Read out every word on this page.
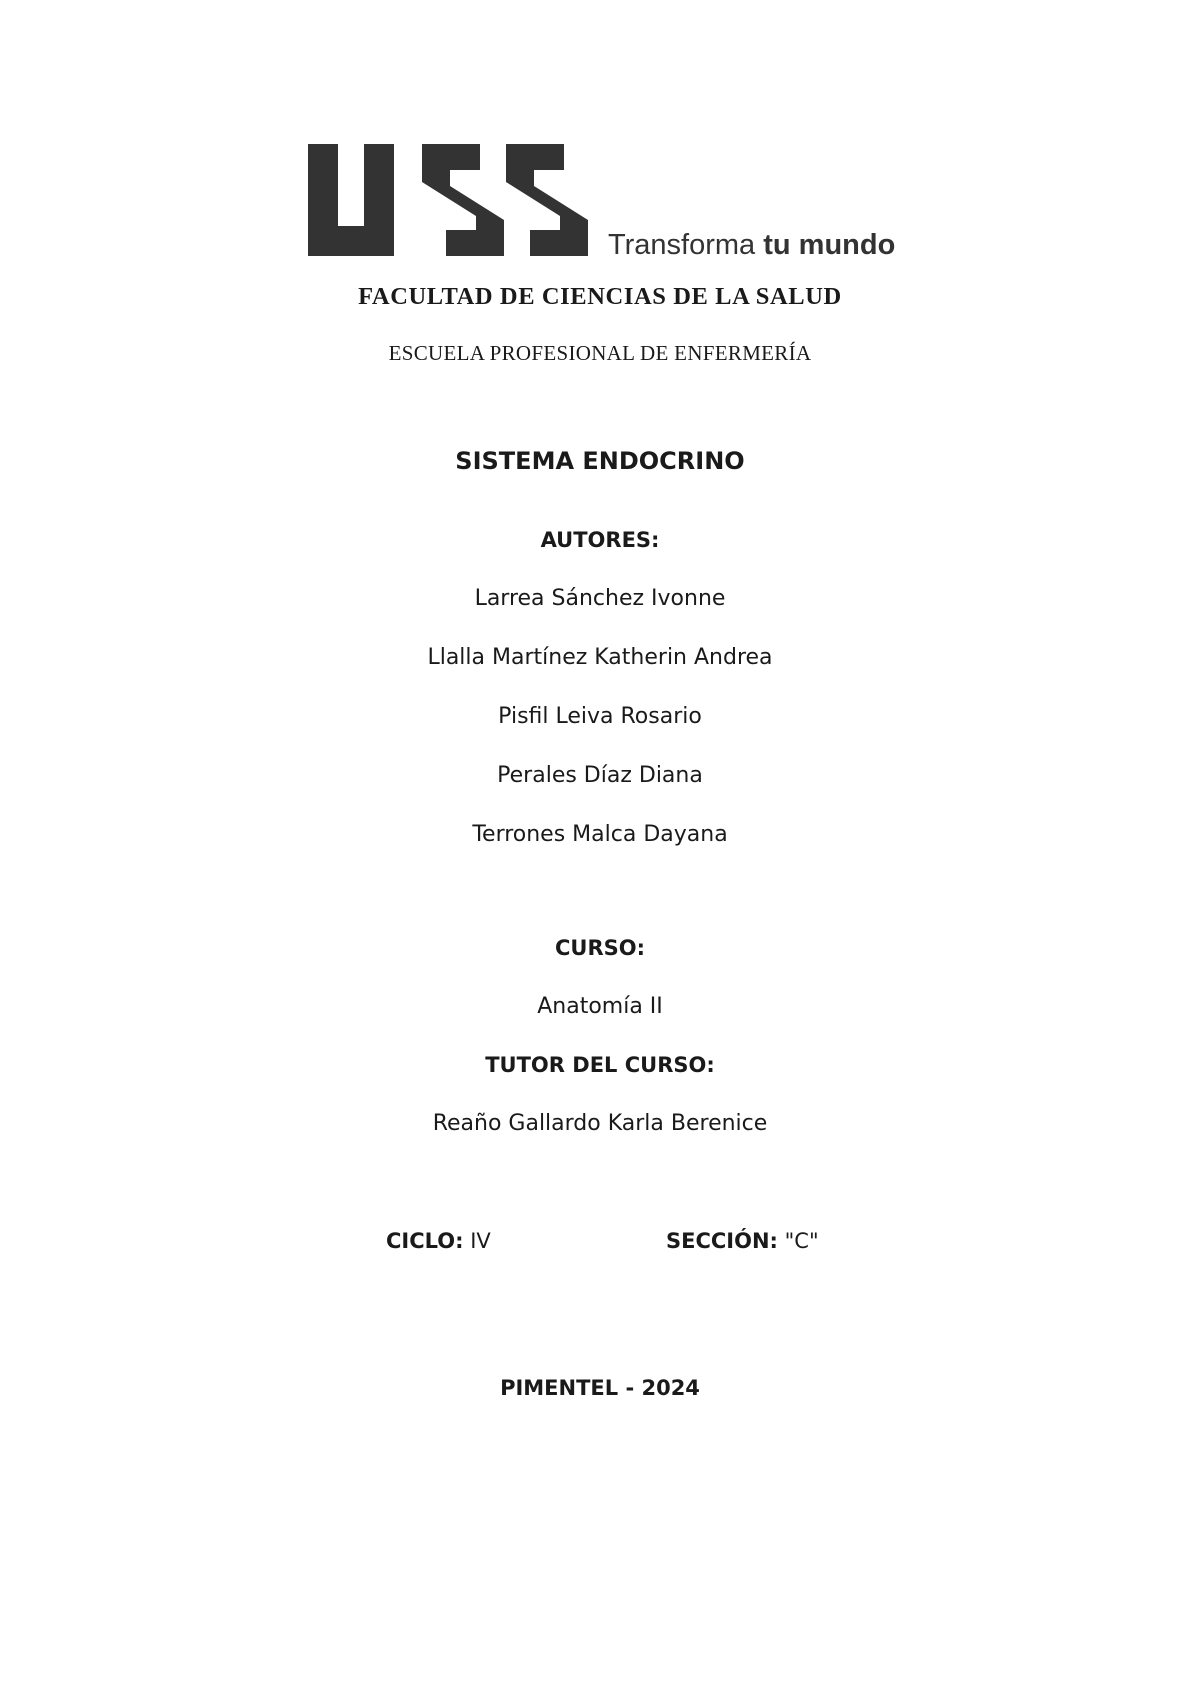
Transforma tu mundo
FACULTAD DE CIENCIAS DE LA SALUD
ESCUELA PROFESIONAL DE ENFERMERÍA
SISTEMA ENDOCRINO
AUTORES:
Larrea Sánchez Ivonne
Llalla Martínez Katherin Andrea
Pisfil Leiva Rosario
Perales Díaz Diana
Terrones Malca Dayana
CURSO:
Anatomía II
TUTOR DEL CURSO:
Reaño Gallardo Karla Berenice
CICLO: IV	SECCIÓN: "C"
PIMENTEL - 2024
